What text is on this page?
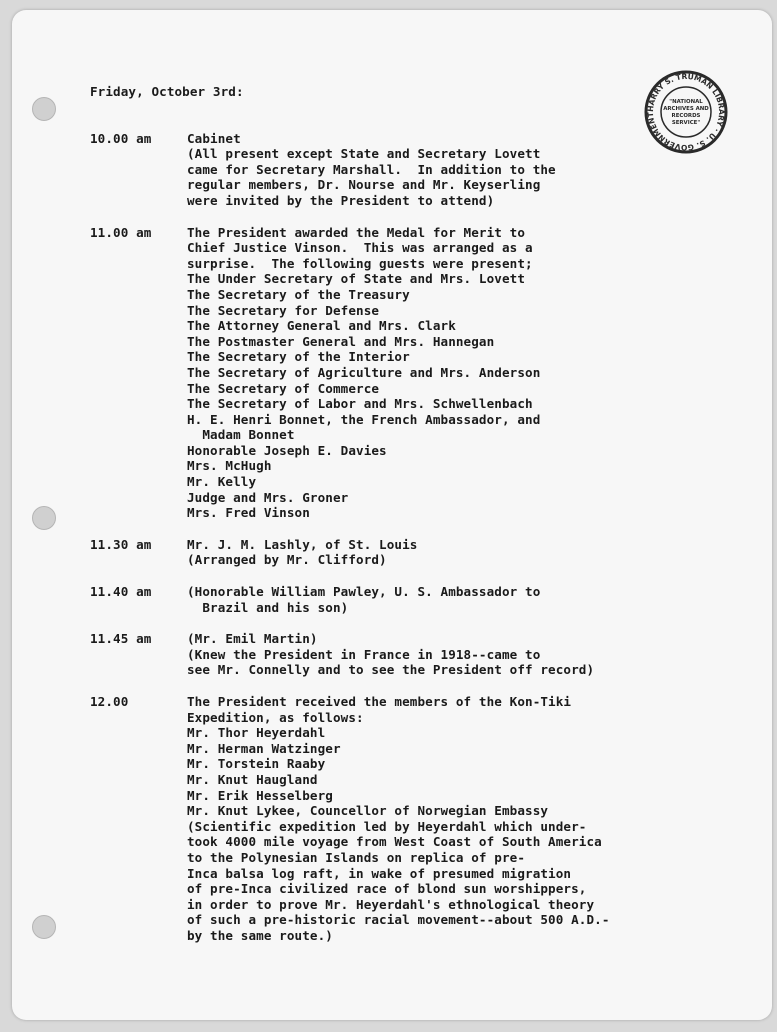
HARRY S. TRUMAN LIBRARY · U. S. GOVERNMENT
"NATIONAL
ARCHIVES AND
RECORDS
SERVICE"
Friday, October 3rd:
10.00 am	Cabinet
(All present except State and Secretary Lovett
came for Secretary Marshall.  In addition to the
regular members, Dr. Nourse and Mr. Keyserling
were invited by the President to attend)
11.00 am	The President awarded the Medal for Merit to
Chief Justice Vinson.  This was arranged as a
surprise.  The following guests were present;
The Under Secretary of State and Mrs. Lovett
The Secretary of the Treasury
The Secretary for Defense
The Attorney General and Mrs. Clark
The Postmaster General and Mrs. Hannegan
The Secretary of the Interior
The Secretary of Agriculture and Mrs. Anderson
The Secretary of Commerce
The Secretary of Labor and Mrs. Schwellenbach
H. E. Henri Bonnet, the French Ambassador, and
Madam Bonnet
Honorable Joseph E. Davies
Mrs. McHugh
Mr. Kelly
Judge and Mrs. Groner
Mrs. Fred Vinson
11.30 am	Mr. J. M. Lashly, of St. Louis
(Arranged by Mr. Clifford)
11.40 am	(Honorable William Pawley, U. S. Ambassador to
Brazil and his son)
11.45 am	(Mr. Emil Martin)
(Knew the President in France in 1918--came to
see Mr. Connelly and to see the President off record)
12.00	The President received the members of the Kon-Tiki
Expedition, as follows:
Mr. Thor Heyerdahl
Mr. Herman Watzinger
Mr. Torstein Raaby
Mr. Knut Haugland
Mr. Erik Hesselberg
Mr. Knut Lykee, Councellor of Norwegian Embassy
(Scientific expedition led by Heyerdahl which under-
took 4000 mile voyage from West Coast of South America
to the Polynesian Islands on replica of pre-
Inca balsa log raft, in wake of presumed migration
of pre-Inca civilized race of blond sun worshippers,
in order to prove Mr. Heyerdahl's ethnological theory
of such a pre-historic racial movement--about 500 A.D.-
by the same route.)
